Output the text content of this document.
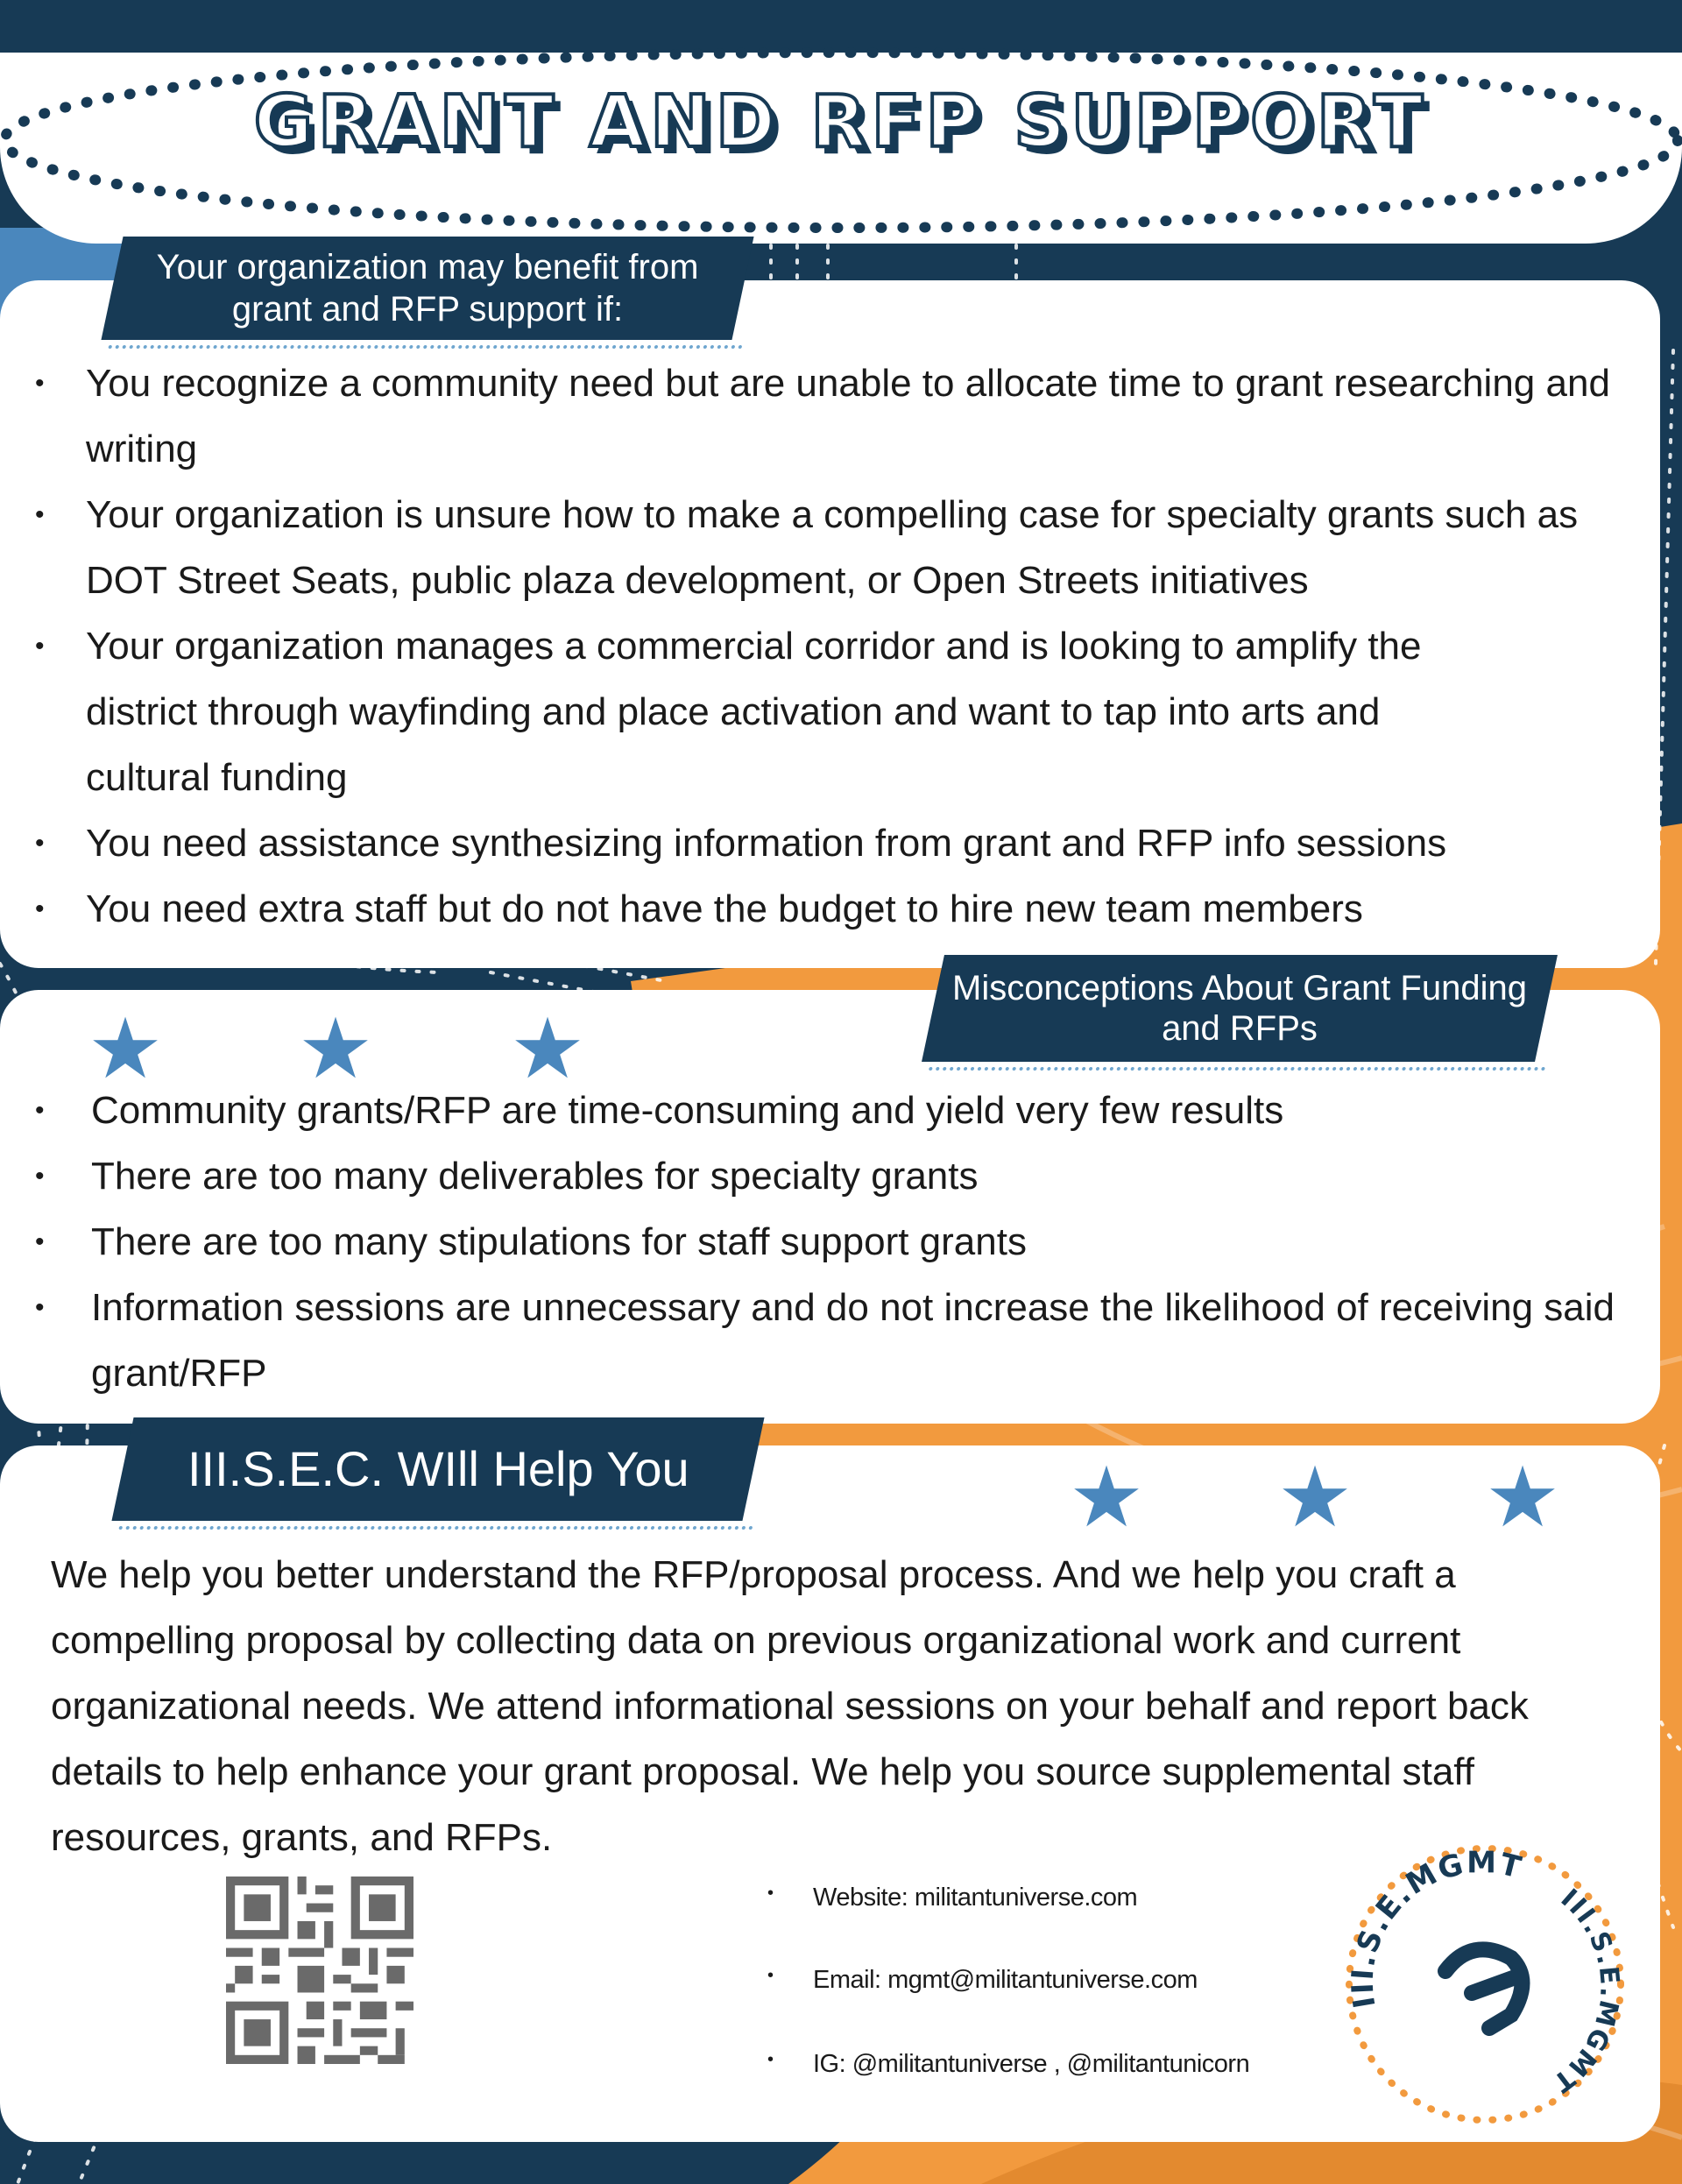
GRANT AND RFP SUPPORT
Your organization may benefit from grant and RFP support if:
• You recognize a community need but are unable to allocate time to grant researching and writing
• Your organization is unsure how to make a compelling case for specialty grants such as DOT Street Seats, public plaza development, or Open Streets initiatives
• Your organization manages a commercial corridor and is looking to amplify the district through wayfinding and place activation and want to tap into arts and cultural funding
• You need assistance synthesizing information from grant and RFP info sessions
• You need extra staff but do not have the budget to hire new team members
Misconceptions About Grant Funding and RFPs
★ ★ ★
• Community grants/RFP are time-consuming and yield very few results
• There are too many deliverables for specialty grants
• There are too many stipulations for staff support grants
• Information sessions are unnecessary and do not increase the likelihood of receiving said grant/RFP
III.S.E.C. WIll Help You	★ ★ ★

We help you better understand the RFP/proposal process. And we help you craft a compelling proposal by collecting data on previous organizational work and current organizational needs. We attend informational sessions on your behalf and report back details to help enhance your grant proposal. We help you source supplemental staff resources, grants, and RFPs.

• Website: militantuniverse.com
• Email: mgmt@militantuniverse.com
• IG: @militantuniverse , @militantunicorn
III.S.E.MGMT
III.S.E.MGMT
